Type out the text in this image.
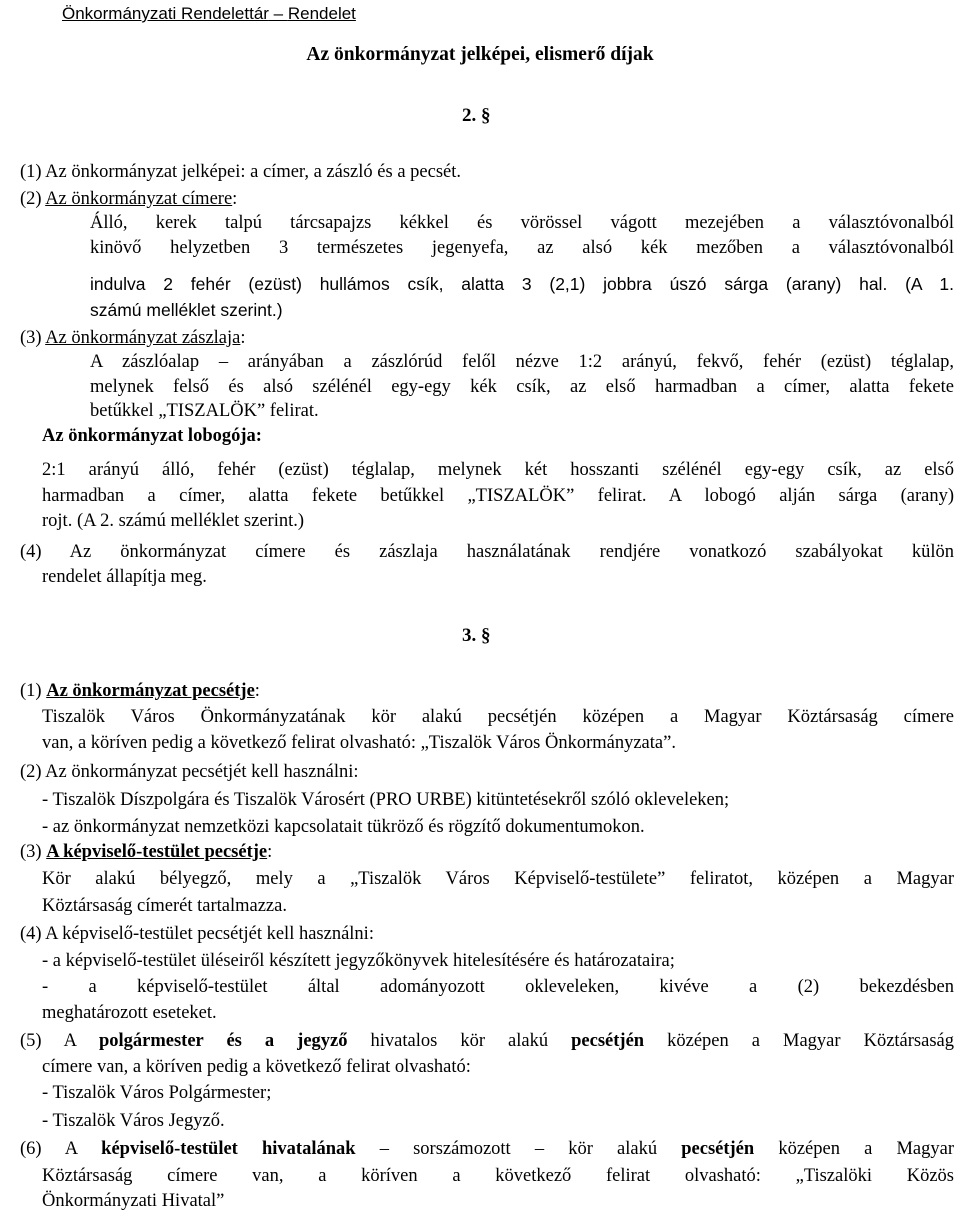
Önkormányzati Rendelettár – Rendelet
Az önkormányzat jelképei, elismerő díjak
2. §
(1) Az önkormányzat jelképei: a címer, a zászló és a pecsét.
(2) Az önkormányzat címere:
Álló, kerek talpú tárcsapajzs kékkel és vörössel vágott mezejében a választóvonalból
kinövő helyzetben 3 természetes jegenyefa, az alsó kék mezőben a választóvonalból
indulva 2 fehér (ezüst) hullámos csík, alatta 3 (2,1) jobbra úszó sárga (arany) hal. (A 1.
számú melléklet szerint.)
(3) Az önkormányzat zászlaja:
A zászlóalap – arányában a zászlórúd felől nézve 1:2 arányú, fekvő, fehér (ezüst) téglalap,
melynek felső és alsó szélénél egy-egy kék csík, az első harmadban a címer, alatta fekete
betűkkel „TISZALÖK” felirat.
Az önkormányzat lobogója:
2:1 arányú álló, fehér (ezüst) téglalap, melynek két hosszanti szélénél egy-egy csík, az első
harmadban a címer, alatta fekete betűkkel „TISZALÖK” felirat. A lobogó alján sárga (arany)
rojt. (A 2. számú melléklet szerint.)
(4) Az önkormányzat címere és zászlaja használatának rendjére vonatkozó szabályokat külön
rendelet állapítja meg.
3. §
(1) Az önkormányzat pecsétje:
Tiszalök Város Önkormányzatának kör alakú pecsétjén középen a Magyar Köztársaság címere
van, a köríven pedig a következő felirat olvasható: „Tiszalök Város Önkormányzata”.
(2) Az önkormányzat pecsétjét kell használni:
- Tiszalök Díszpolgára és Tiszalök Városért (PRO URBE) kitüntetésekről szóló okleveleken;
- az önkormányzat nemzetközi kapcsolatait tükröző és rögzítő dokumentumokon.
(3) A képviselő-testület pecsétje:
Kör alakú bélyegző, mely a „Tiszalök Város Képviselő-testülete” feliratot, középen a Magyar
Köztársaság címerét tartalmazza.
(4) A képviselő-testület pecsétjét kell használni:
- a képviselő-testület üléseiről készített jegyzőkönyvek hitelesítésére és határozataira;
- a képviselő-testület által adományozott okleveleken, kivéve a (2) bekezdésben
meghatározott eseteket.
(5) A polgármester és a jegyző hivatalos kör alakú pecsétjén középen a Magyar Köztársaság
címere van, a köríven pedig a következő felirat olvasható:
- Tiszalök Város Polgármester;
- Tiszalök Város Jegyző.
(6) A képviselő-testület hivatalának – sorszámozott – kör alakú pecsétjén középen a Magyar
Köztársaság címere van, a köríven a következő felirat olvasható: „Tiszalöki Közös
Önkormányzati Hivatal”
